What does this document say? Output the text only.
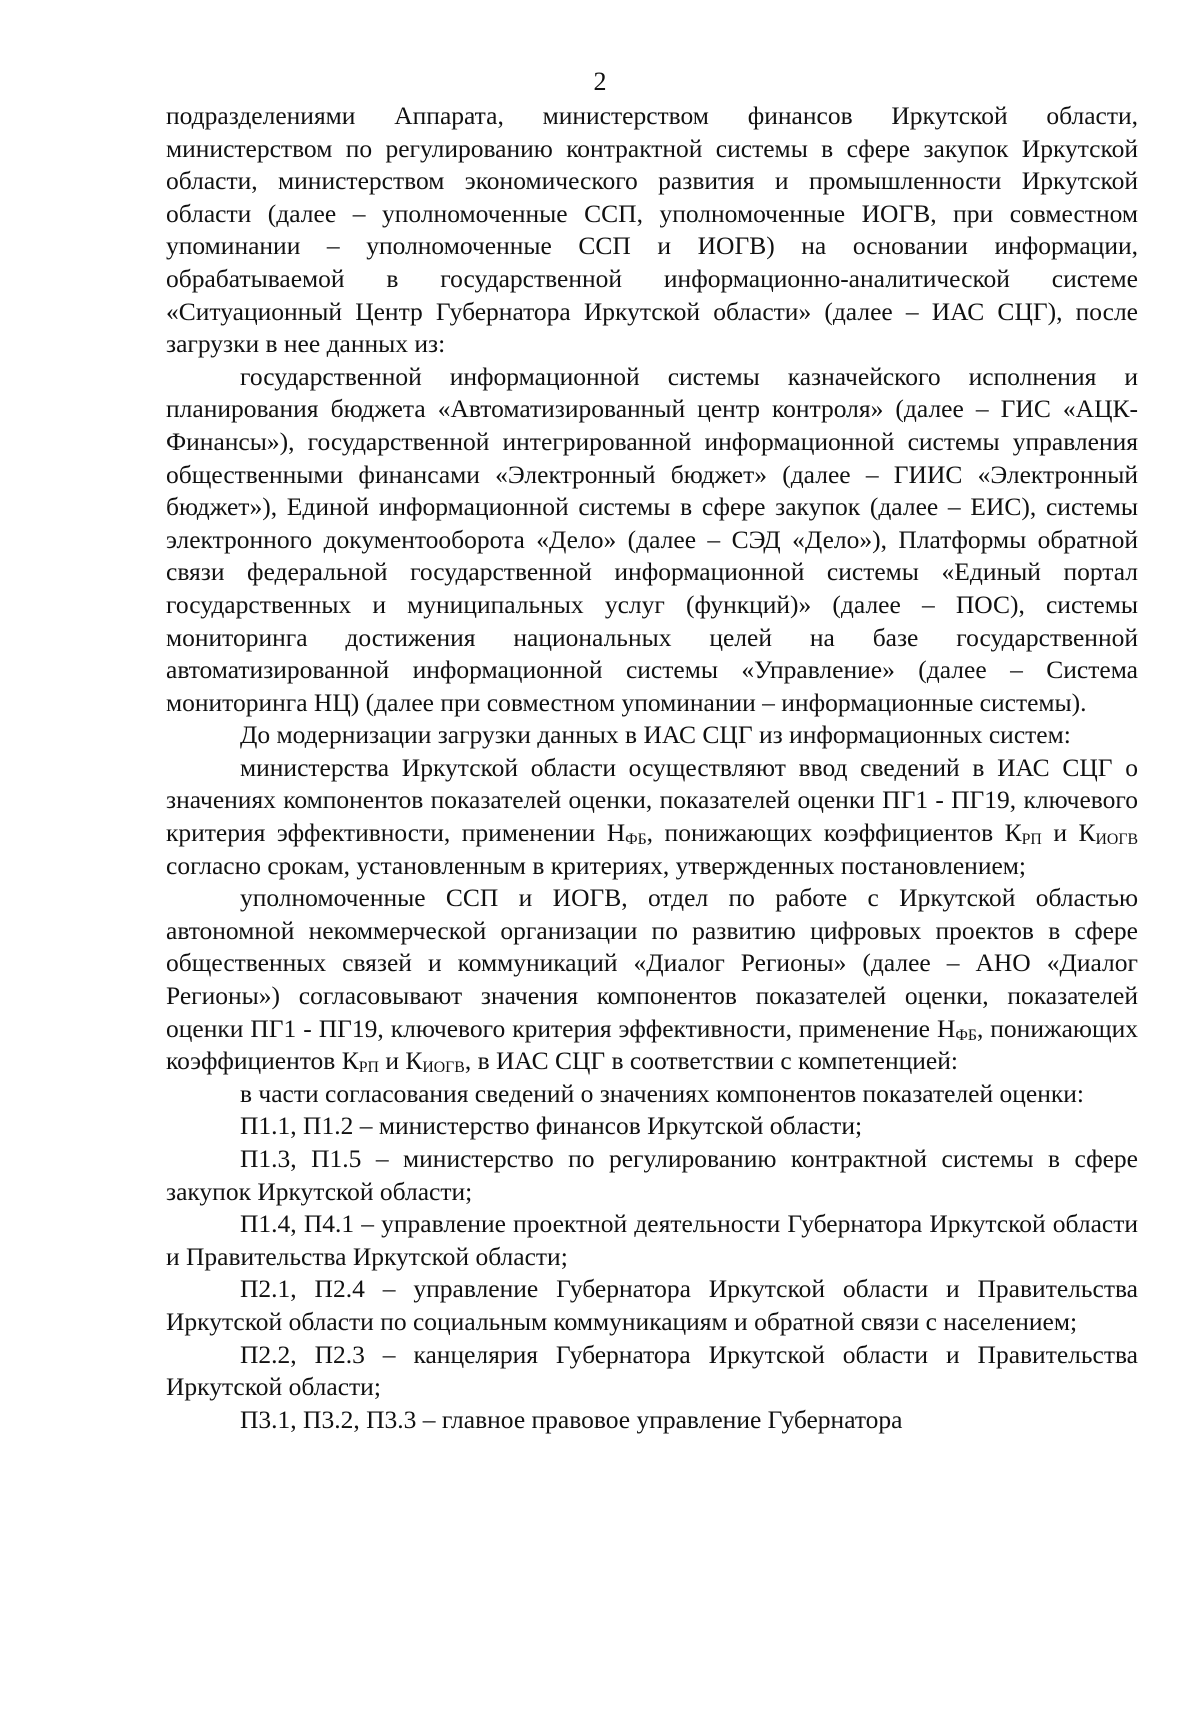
2

подразделениями Аппарата, министерством финансов Иркутской области, министерством по регулированию контрактной системы в сфере закупок Иркутской области, министерством экономического развития и промышленности Иркутской области (далее – уполномоченные ССП, уполномоченные ИОГВ, при совместном упоминании – уполномоченные ССП и ИОГВ) на основании информации, обрабатываемой в государственной информационно-аналитической системе «Ситуационный Центр Губернатора Иркутской области» (далее – ИАС СЦГ), после загрузки в нее данных из:

государственной информационной системы казначейского исполнения и планирования бюджета «Автоматизированный центр контроля» (далее – ГИС «АЦК-Финансы»), государственной интегрированной информационной системы управления общественными финансами «Электронный бюджет» (далее – ГИИС «Электронный бюджет»), Единой информационной системы в сфере закупок (далее – ЕИС), системы электронного документооборота «Дело» (далее – СЭД «Дело»), Платформы обратной связи федеральной государственной информационной системы «Единый портал государственных и муниципальных услуг (функций)» (далее – ПОС), системы мониторинга достижения национальных целей на базе государственной автоматизированной информационной системы «Управление» (далее – Система мониторинга НЦ) (далее при совместном упоминании – информационные системы).

До модернизации загрузки данных в ИАС СЦГ из информационных систем:

министерства Иркутской области осуществляют ввод сведений в ИАС СЦГ о значениях компонентов показателей оценки, показателей оценки ПГ1 - ПГ19, ключевого критерия эффективности, применении НФБ, понижающих коэффициентов КРП и КИОГВ согласно срокам, установленным в критериях, утвержденных постановлением;

уполномоченные ССП и ИОГВ, отдел по работе с Иркутской областью автономной некоммерческой организации по развитию цифровых проектов в сфере общественных связей и коммуникаций «Диалог Регионы» (далее – АНО «Диалог Регионы») согласовывают значения компонентов показателей оценки, показателей оценки ПГ1 - ПГ19, ключевого критерия эффективности, применение НФБ, понижающих коэффициентов КРП и КИОГВ, в ИАС СЦГ в соответствии с компетенцией:

в части согласования сведений о значениях компонентов показателей оценки:

П1.1, П1.2 – министерство финансов Иркутской области;

П1.3, П1.5 – министерство по регулированию контрактной системы в сфере закупок Иркутской области;

П1.4, П4.1 – управление проектной деятельности Губернатора Иркутской области и Правительства Иркутской области;

П2.1, П2.4 – управление Губернатора Иркутской области и Правительства Иркутской области по социальным коммуникациям и обратной связи с населением;

П2.2, П2.3 – канцелярия Губернатора Иркутской области и Правительства Иркутской области;

П3.1, П3.2, П3.3 – главное правовое управление Губернатора
